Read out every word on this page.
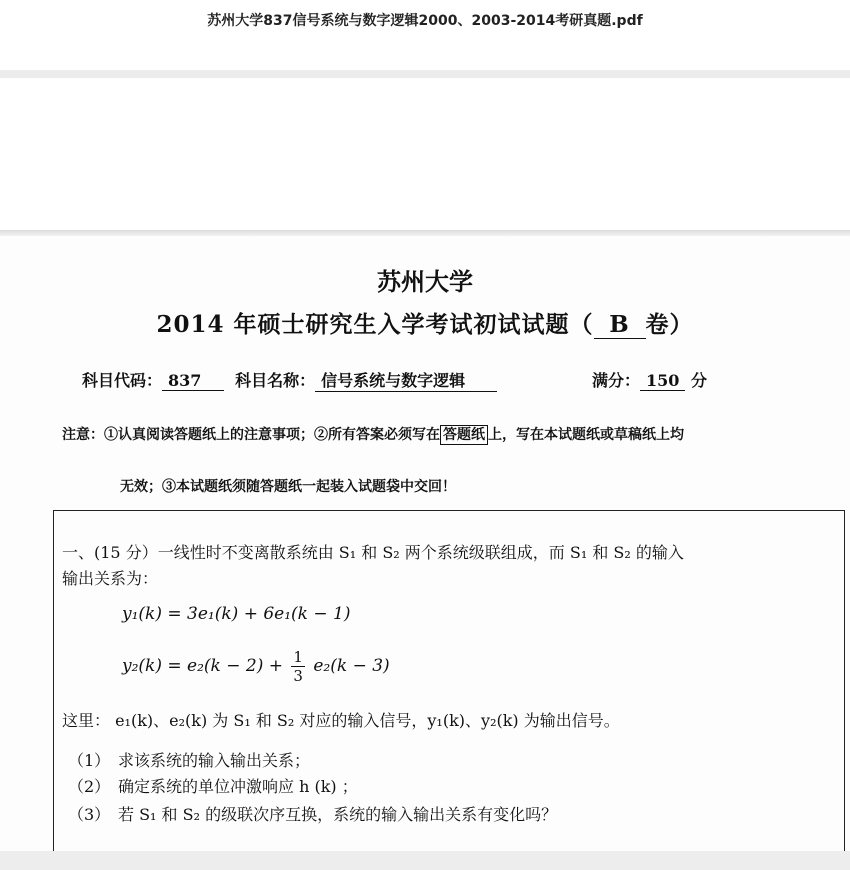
苏州大学837信号系统与数字逻辑2000、2003-2014考研真题.pdf
苏州大学
2014 年硕士研究生入学考试初试试题（ B 卷）
科目代码： 837 科目名称： 信号系统与数字逻辑	满分： 150 分
注意：①认真阅读答题纸上的注意事项；②所有答案必须写在 答题纸 上，写在本试题纸或草稿纸上均
无效；③本试题纸须随答题纸一起装入试题袋中交回！
一、(15 分）一线性时不变离散系统由 S₁ 和 S₂ 两个系统级联组成，而 S₁ 和 S₂ 的输入
输出关系为：
y₁(k) = 3e₁(k) + 6e₁(k − 1)
$y_2(k) = e_2(k - 2) + \frac{1}{3} e_2(k - 3)$
这里： e₁(k)、e₂(k) 为 S₁ 和 S₂ 对应的输入信号，y₁(k)、y₂(k) 为输出信号。
（1） 求该系统的输入输出关系；
（2） 确定系统的单位冲激响应 h (k) ；
（3） 若 S₁ 和 S₂ 的级联次序互换，系统的输入输出关系有变化吗？
